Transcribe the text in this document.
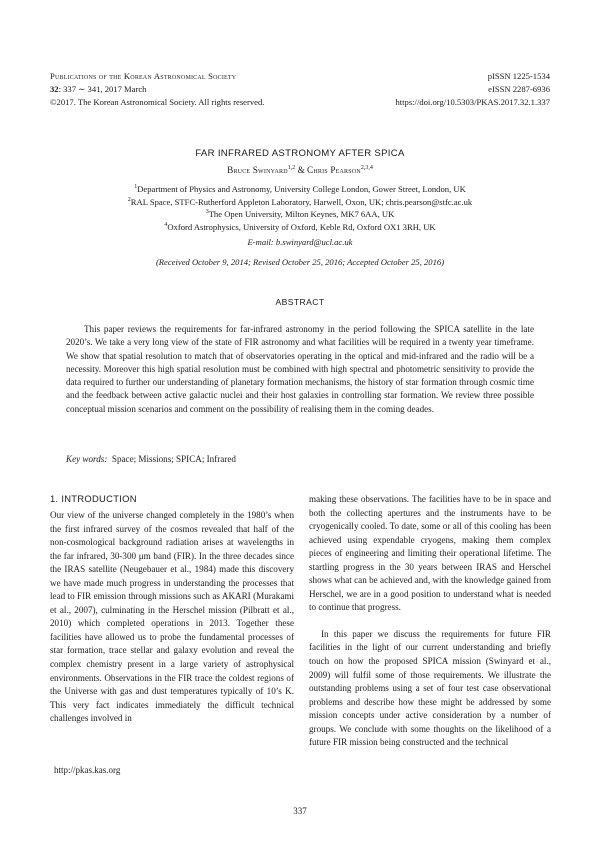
Publications of the Korean Astronomical Society
32: 337 ∼ 341, 2017 March
©2017. The Korean Astronomical Society. All rights reserved.
pISSN 1225-1534
eISSN 2287-6936
https://doi.org/10.5303/PKAS.2017.32.1.337
FAR INFRARED ASTRONOMY AFTER SPICA
Bruce Swinyard$^{1,2}$ & Chris Pearson$^{2,3,4}$
$^1$Department of Physics and Astronomy, University College London, Gower Street, London, UK
$^2$RAL Space, STFC-Rutherford Appleton Laboratory, Harwell, Oxon, UK; chris.pearson@stfc.ac.uk
$^3$The Open University, Milton Keynes, MK7 6AA, UK
$^4$Oxford Astrophysics, University of Oxford, Keble Rd, Oxford OX1 3RH, UK
E-mail: b.swinyard@ucl.ac.uk
(Received October 9, 2014; Revised October 25, 2016; Accepted October 25, 2016)
ABSTRACT
This paper reviews the requirements for far-infrared astronomy in the period following the SPICA satellite in the late 2020’s. We take a very long view of the state of FIR astronomy and what facilities will be required in a twenty year timeframe. We show that spatial resolution to match that of observatories operating in the optical and mid-infrared and the radio will be a necessity. Moreover this high spatial resolution must be combined with high spectral and photometric sensitivity to provide the data required to further our understanding of planetary formation mechanisms, the history of star formation through cosmic time and the feedback between active galactic nuclei and their host galaxies in controlling star formation. We review three possible conceptual mission scenarios and comment on the possibility of realising them in the coming deades.
Key words: Space; Missions; SPICA; Infrared
1. INTRODUCTION
Our view of the universe changed completely in the 1980’s when the first infrared survey of the cosmos revealed that half of the non-cosmological background radiation arises at wavelengths in the far infrared, 30-300 μm band (FIR). In the three decades since the IRAS satellite (Neugebauer et al., 1984) made this discovery we have made much progress in understanding the processes that lead to FIR emission through missions such as AKARI (Murakami et al., 2007), culminating in the Herschel mission (Pilbratt et al., 2010) which completed operations in 2013. Together these facilities have allowed us to probe the fundamental processes of star formation, trace stellar and galaxy evolution and reveal the complex chemistry present in a large variety of astrophysical environments. Observations in the FIR trace the coldest regions of the Universe with gas and dust temperatures typically of 10’s K. This very fact indicates immediately the difficult technical challenges involved in

making these observations. The facilities have to be in space and both the collecting apertures and the instruments have to be cryogenically cooled. To date, some or all of this cooling has been achieved using expendable cryogens, making them complex pieces of engineering and limiting their operational lifetime. The startling progress in the 30 years between IRAS and Herschel shows what can be achieved and, with the knowledge gained from Herschel, we are in a good position to understand what is needed to continue that progress.

In this paper we discuss the requirements for future FIR facilities in the light of our current understanding and briefly touch on how the proposed SPICA mission (Swinyard et al., 2009) will fulfil some of those requirements. We illustrate the outstanding problems using a set of four test case observational problems and describe how these might be addressed by some mission concepts under active consideration by a number of groups. We conclude with some thoughts on the likelihood of a future FIR mission being constructed and the technical

http://pkas.kas.org
337
